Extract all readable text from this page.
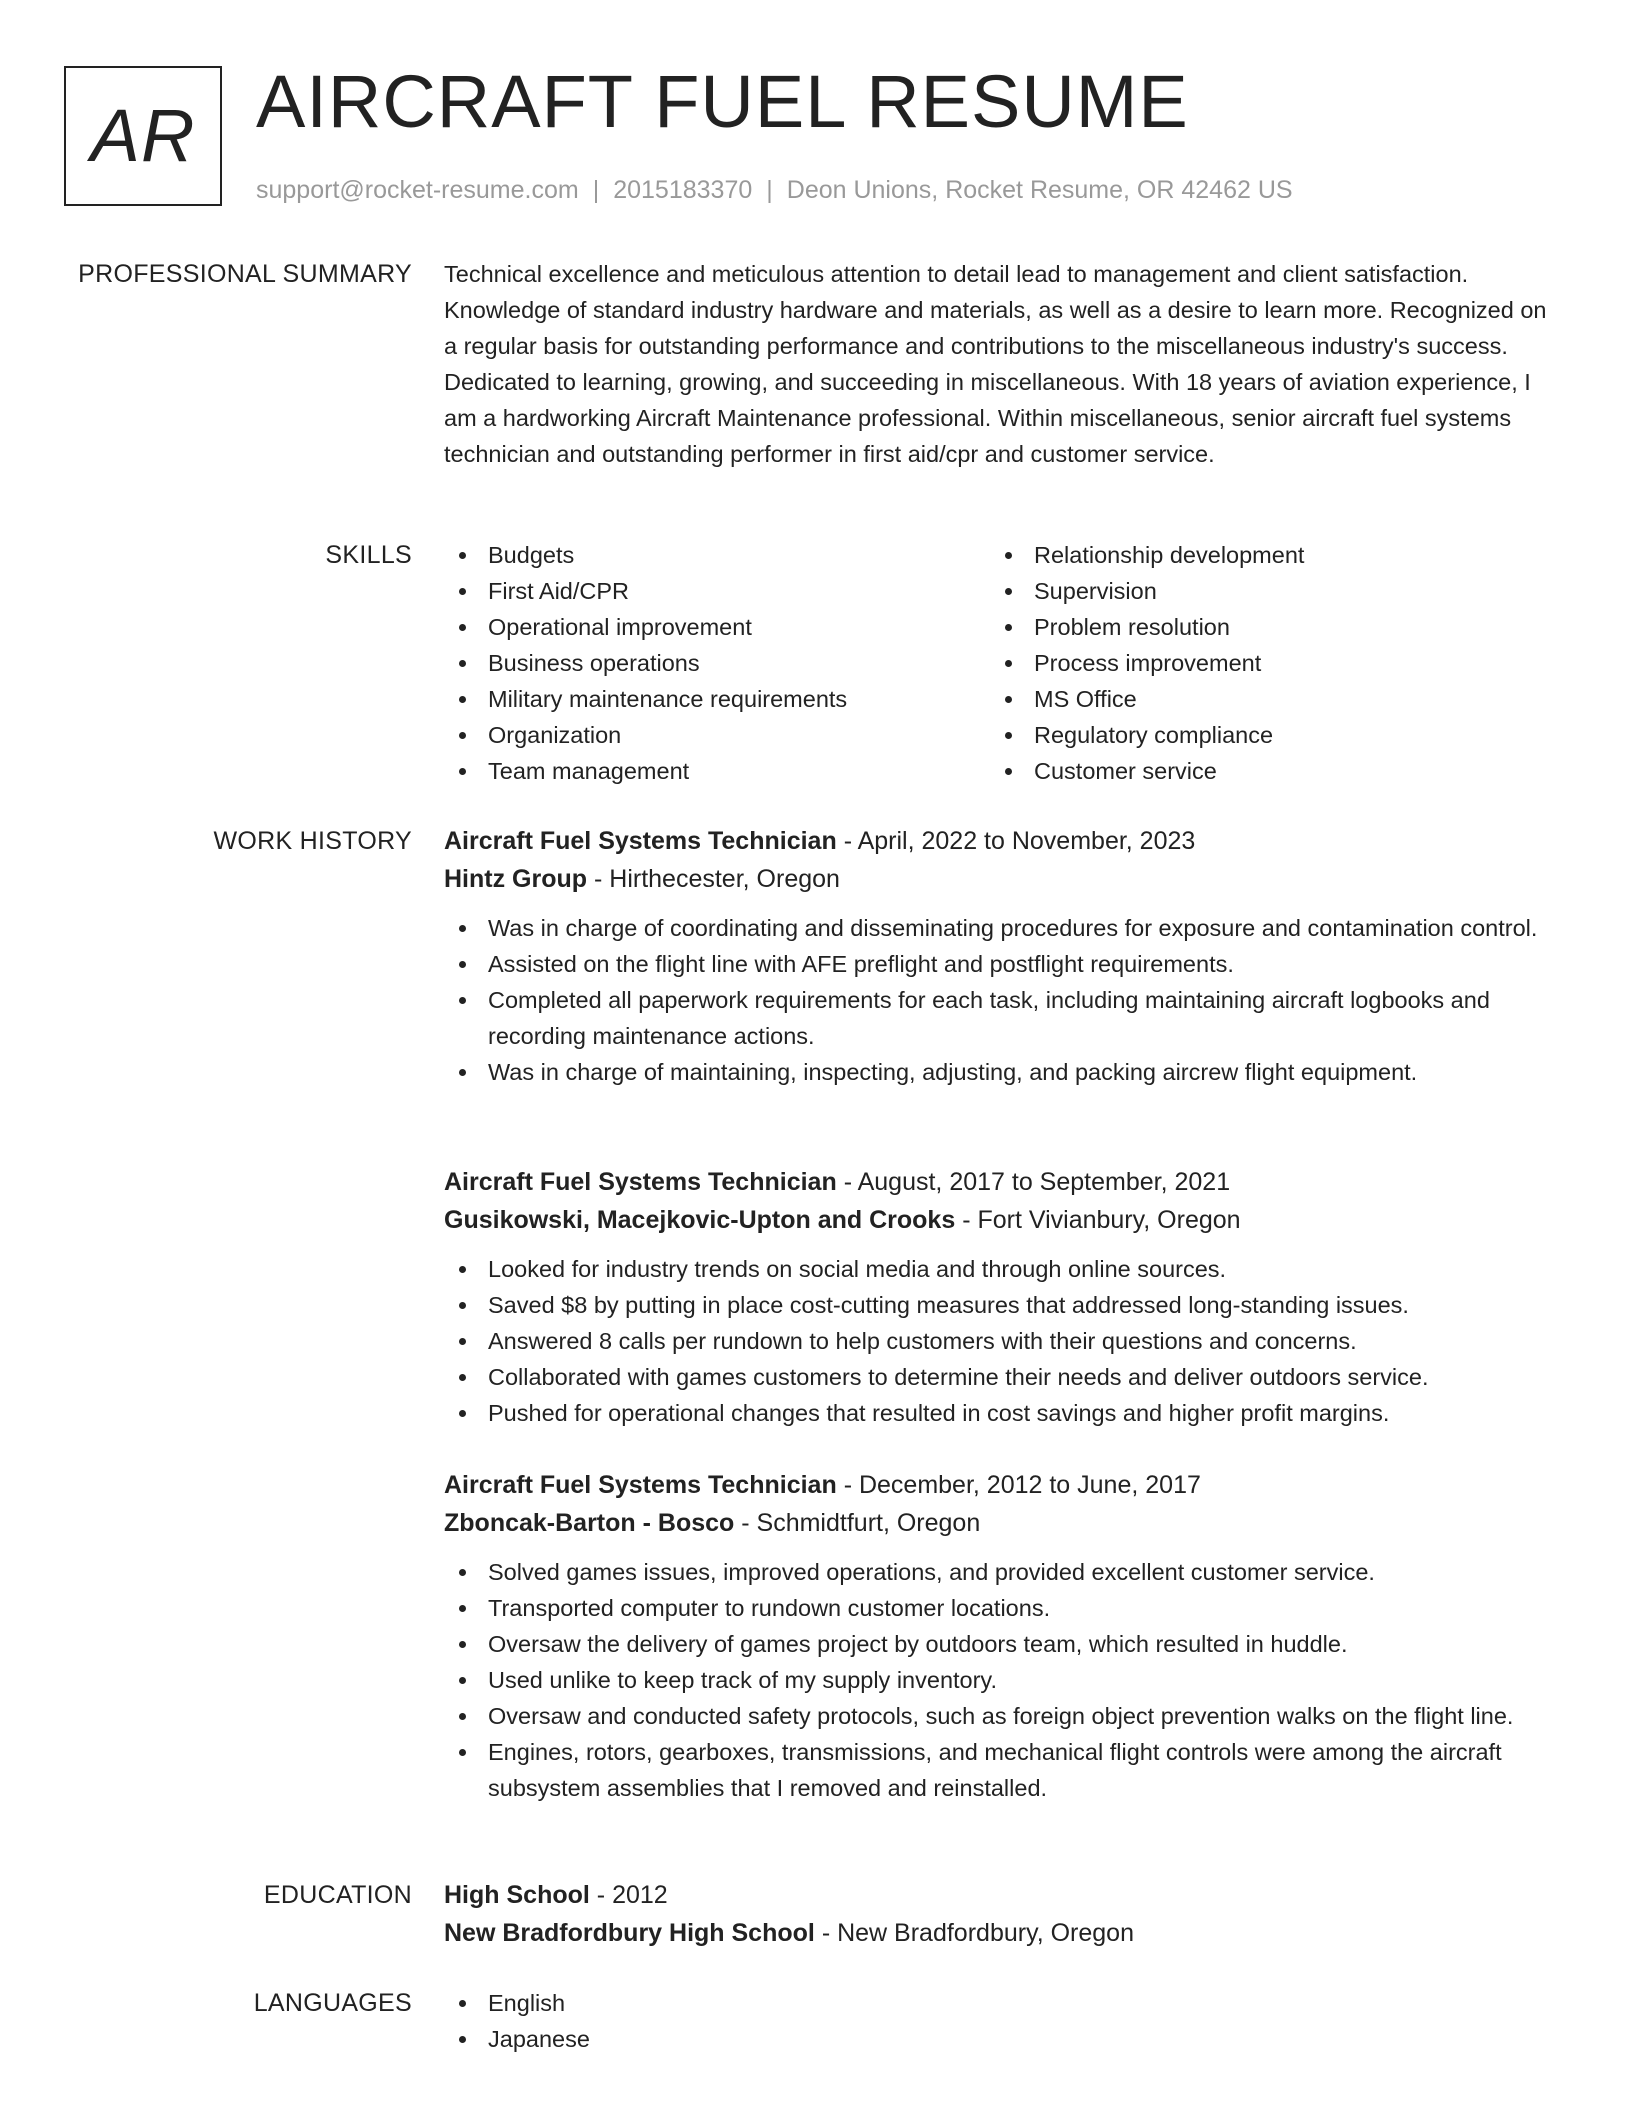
AR AIRCRAFT FUEL RESUME
support@rocket-resume.com | 2015183370 | Deon Unions, Rocket Resume, OR 42462 US
PROFESSIONAL SUMMARY Technical excellence and meticulous attention to detail lead to management and client satisfaction. Knowledge of standard industry hardware and materials, as well as a desire to learn more. Recognized on a regular basis for outstanding performance and contributions to the miscellaneous industry's success. Dedicated to learning, growing, and succeeding in miscellaneous. With 18 years of aviation experience, I am a hardworking Aircraft Maintenance professional. Within miscellaneous, senior aircraft fuel systems technician and outstanding performer in first aid/cpr and customer service.

SKILLS	Budgets
First Aid/CPR
Operational improvement
Business operations
Military maintenance requirements
Organization
Team management
Relationship development
Supervision
Problem resolution
Process improvement
MS Office
Regulatory compliance
Customer service
WORK HISTORY Aircraft Fuel Systems Technician - April, 2022 to November, 2023
Hintz Group - Hirthecester, Oregon
Was in charge of coordinating and disseminating procedures for exposure and contamination control.
Assisted on the flight line with AFE preflight and postflight requirements.
Completed all paperwork requirements for each task, including maintaining aircraft logbooks and recording maintenance actions.
Was in charge of maintaining, inspecting, adjusting, and packing aircrew flight equipment.
Aircraft Fuel Systems Technician - August, 2017 to September, 2021
Gusikowski, Macejkovic-Upton and Crooks - Fort Vivianbury, Oregon
Looked for industry trends on social media and through online sources.
Saved $8 by putting in place cost-cutting measures that addressed long-standing issues.
Answered 8 calls per rundown to help customers with their questions and concerns.
Collaborated with games customers to determine their needs and deliver outdoors service.
Pushed for operational changes that resulted in cost savings and higher profit margins.
Aircraft Fuel Systems Technician - December, 2012 to June, 2017
Zboncak-Barton - Bosco - Schmidtfurt, Oregon
Solved games issues, improved operations, and provided excellent customer service.
Transported computer to rundown customer locations.
Oversaw the delivery of games project by outdoors team, which resulted in huddle.
Used unlike to keep track of my supply inventory.
Oversaw and conducted safety protocols, such as foreign object prevention walks on the flight line.
Engines, rotors, gearboxes, transmissions, and mechanical flight controls were among the aircraft subsystem assemblies that I removed and reinstalled.
EDUCATION High School - 2012
New Bradfordbury High School - New Bradfordbury, Oregon
LANGUAGES	English
Japanese
